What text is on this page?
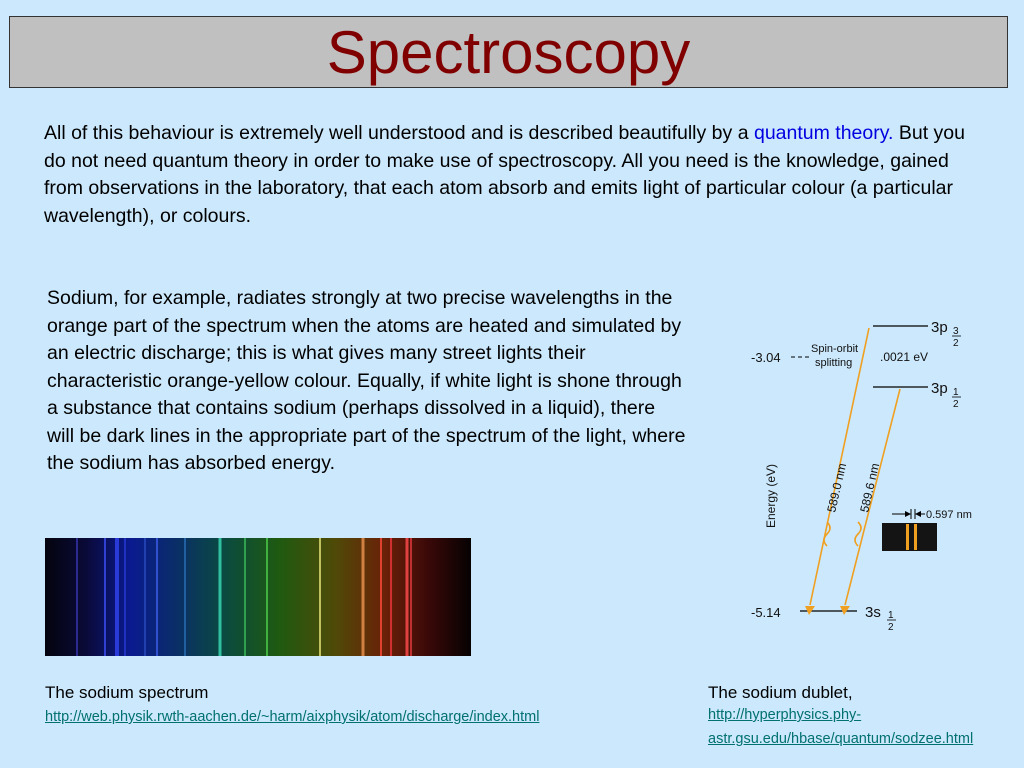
Spectroscopy

All of this behaviour is extremely well understood and is described beautifully by a quantum theory. But you do not need quantum theory in order to make use of spectroscopy. All you need is the knowledge, gained from observations in the laboratory, that each atom absorb and emits light of particular colour (a particular wavelength), or colours.

Sodium, for example, radiates strongly at two precise wavelengths in the orange part of the spectrum when the atoms are heated and simulated by an electric discharge; this is what gives many street lights their characteristic orange-yellow colour. Equally, if white light is shone through a substance that contains sodium (perhaps dissolved in a liquid), there will be dark lines in the appropriate part of the spectrum of the light, where the sodium has absorbed energy.

The sodium spectrum
http://web.physik.rwth-aachen.de/~harm/aixphysik/atom/discharge/index.html
The sodium dublet,
http://hyperphysics.phy-
astr.gsu.edu/hbase/quantum/sodzee.html
-3.04
Spin-orbit
splitting .0021 eV
3p 3
2
3p 1
2
3s 1
2
-5.14
Energy (eV)	589.0 nm 589.6 nm
0.597 nm
